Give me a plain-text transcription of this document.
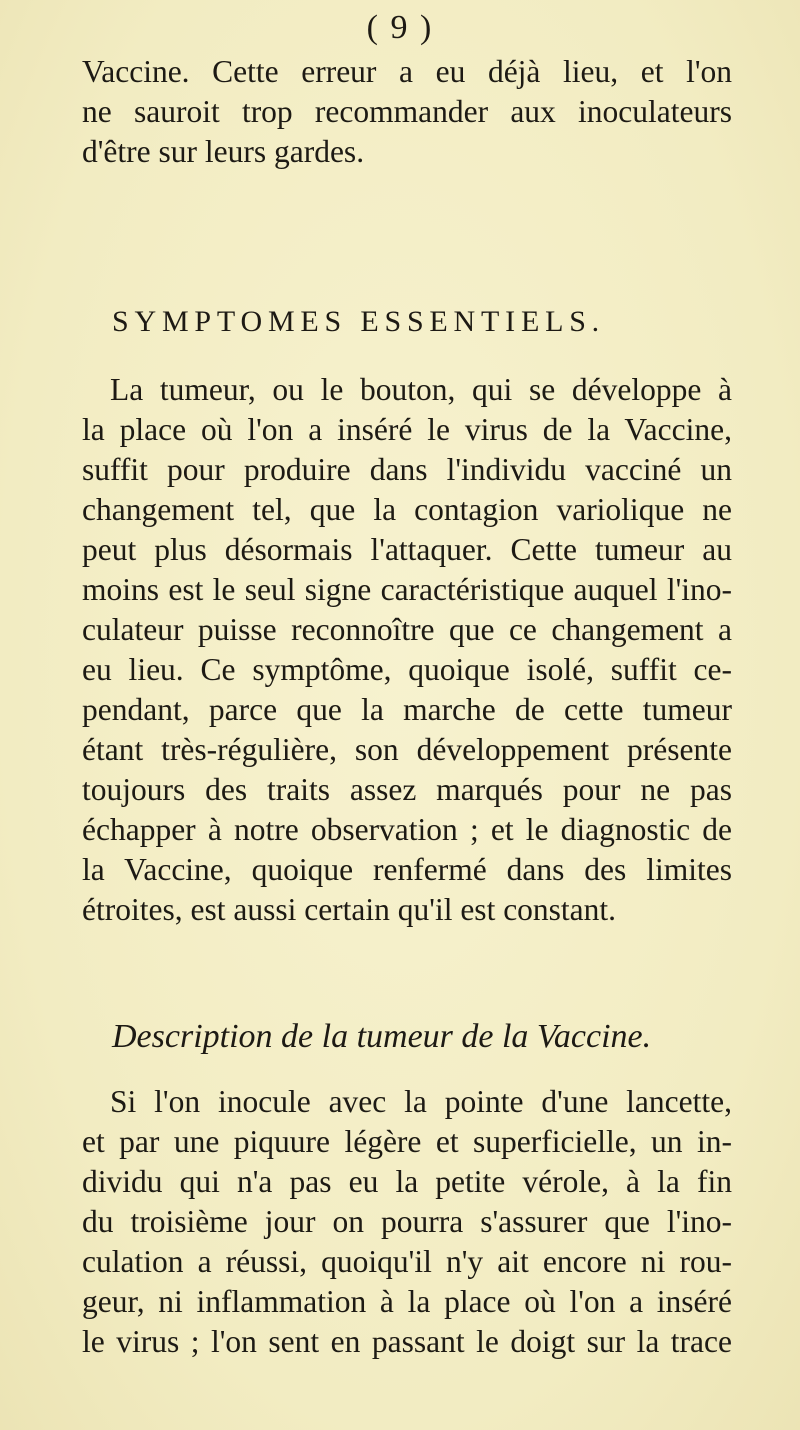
( 9 )
Vaccine. Cette erreur a eu déjà lieu, et l'on
ne sauroit trop recommander aux inoculateurs
d'être sur leurs gardes.
SYMPTOMES ESSENTIELS.
La tumeur, ou le bouton, qui se développe à
la place où l'on a inséré le virus de la Vaccine,
suffit pour produire dans l'individu vacciné un
changement tel, que la contagion variolique ne
peut plus désormais l'attaquer. Cette tumeur au
moins est le seul signe caractéristique auquel l'ino-
culateur puisse reconnoître que ce changement a
eu lieu. Ce symptôme, quoique isolé, suffit ce-
pendant, parce que la marche de cette tumeur
étant très-régulière, son développement présente
toujours des traits assez marqués pour ne pas
échapper à notre observation ; et le diagnostic de
la Vaccine, quoique renfermé dans des limites
étroites, est aussi certain qu'il est constant.
Description de la tumeur de la Vaccine.
Si l'on inocule avec la pointe d'une lancette,
et par une piquure légère et superficielle, un in-
dividu qui n'a pas eu la petite vérole, à la fin
du troisième jour on pourra s'assurer que l'ino-
culation a réussi, quoiqu'il n'y ait encore ni rou-
geur, ni inflammation à la place où l'on a inséré
le virus ; l'on sent en passant le doigt sur la trace
